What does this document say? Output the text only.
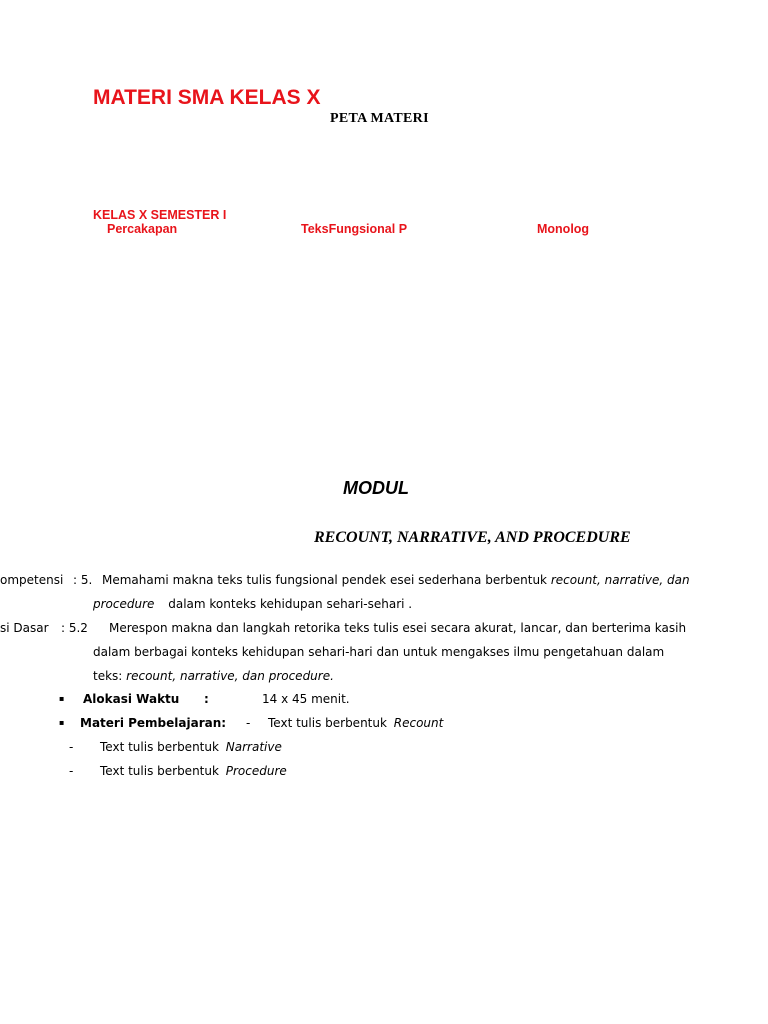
MATERI SMA KELAS X
PETA MATERI
KELAS X SEMESTER I
Percakapan	TeksFungsional P	Monolog
MODUL
RECOUNT, NARRATIVE, AND PROCEDURE
ompetensi : 5. Memahami makna teks tulis fungsional pendek esei sederhana berbentuk recount, narrative, dan
procedure dalam konteks kehidupan sehari-sehari .
si Dasar : 5.2 Merespon makna dan langkah retorika teks tulis esei secara akurat, lancar, dan berterima kasih
dalam berbagai konteks kehidupan sehari-hari dan untuk mengakses ilmu pengetahuan dalam
teks: recount, narrative, dan procedure.
▪ Alokasi Waktu :	14 x 45 menit.
▪ Materi Pembelajaran: - Text tulis berbentuk Recount
- Text tulis berbentuk Narrative
- Text tulis berbentuk Procedure
